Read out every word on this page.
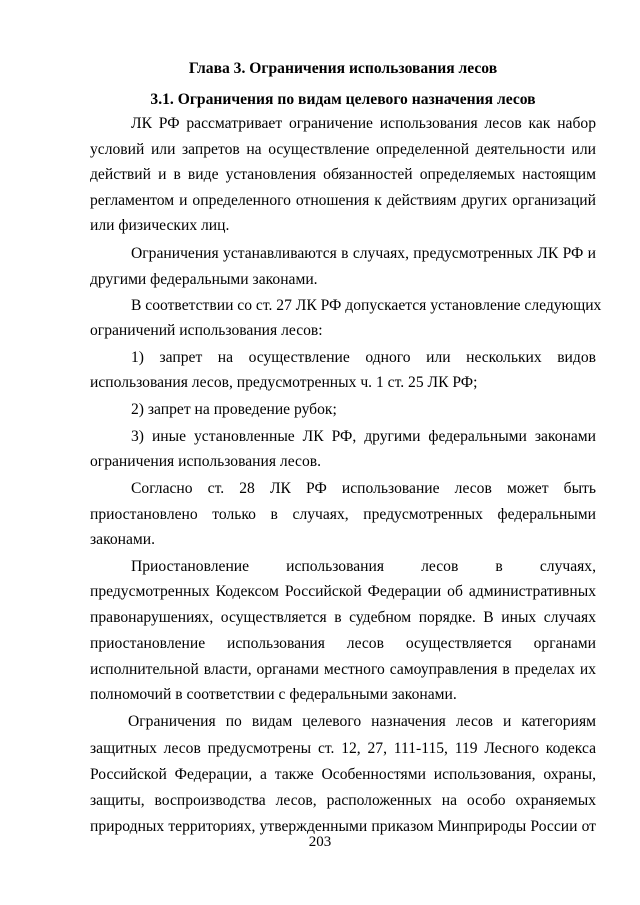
Глава 3. Ограничения использования лесов
3.1. Ограничения по видам целевого назначения лесов
ЛК РФ рассматривает ограничение использования лесов как набор
условий или запретов на осуществление определенной деятельности или
действий и в виде установления обязанностей определяемых настоящим
регламентом и определенного отношения к действиям других организаций
или физических лиц.
Ограничения устанавливаются в случаях, предусмотренных ЛК РФ и
другими федеральными законами.
В соответствии со ст. 27 ЛК РФ допускается установление следующих
ограничений использования лесов:
1) запрет на осуществление одного или нескольких видов
использования лесов, предусмотренных ч. 1 ст. 25 ЛК РФ;
2) запрет на проведение рубок;
3) иные установленные ЛК РФ, другими федеральными законами
ограничения использования лесов.
Согласно ст. 28 ЛК РФ использование лесов может быть
приостановлено только в случаях, предусмотренных федеральными
законами.
Приостановление использования лесов в случаях,
предусмотренных Кодексом Российской Федерации об административных
правонарушениях, осуществляется в судебном порядке. В иных случаях
приостановление использования лесов осуществляется органами
исполнительной власти, органами местного самоуправления в пределах их
полномочий в соответствии с федеральными законами.
Ограничения по видам целевого назначения лесов и категориям
защитных лесов предусмотрены ст. 12, 27, 111-115, 119 Лесного кодекса
Российской Федерации, а также Особенностями использования, охраны,
защиты, воспроизводства лесов, расположенных на особо охраняемых
природных территориях, утвержденными приказом Минприроды России от
203
